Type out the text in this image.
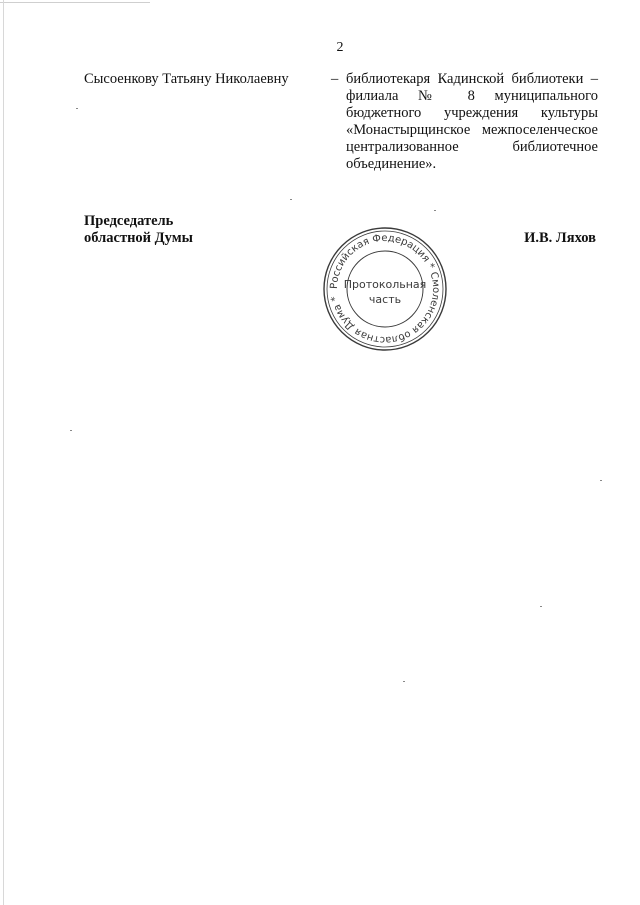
2
Сысоенкову Татьяну Николаевну	– библиотекаря Кадинской библиотеки –
филиала № 8 муниципального
бюджетного учреждения культуры
«Монастырщинское межпоселенческое
централизованное библиотечное
объединение».
Председатель
областной Думы	И.В. Ляхов
Российская Федерация * Смоленская областная Дума *
Протокольная
часть
